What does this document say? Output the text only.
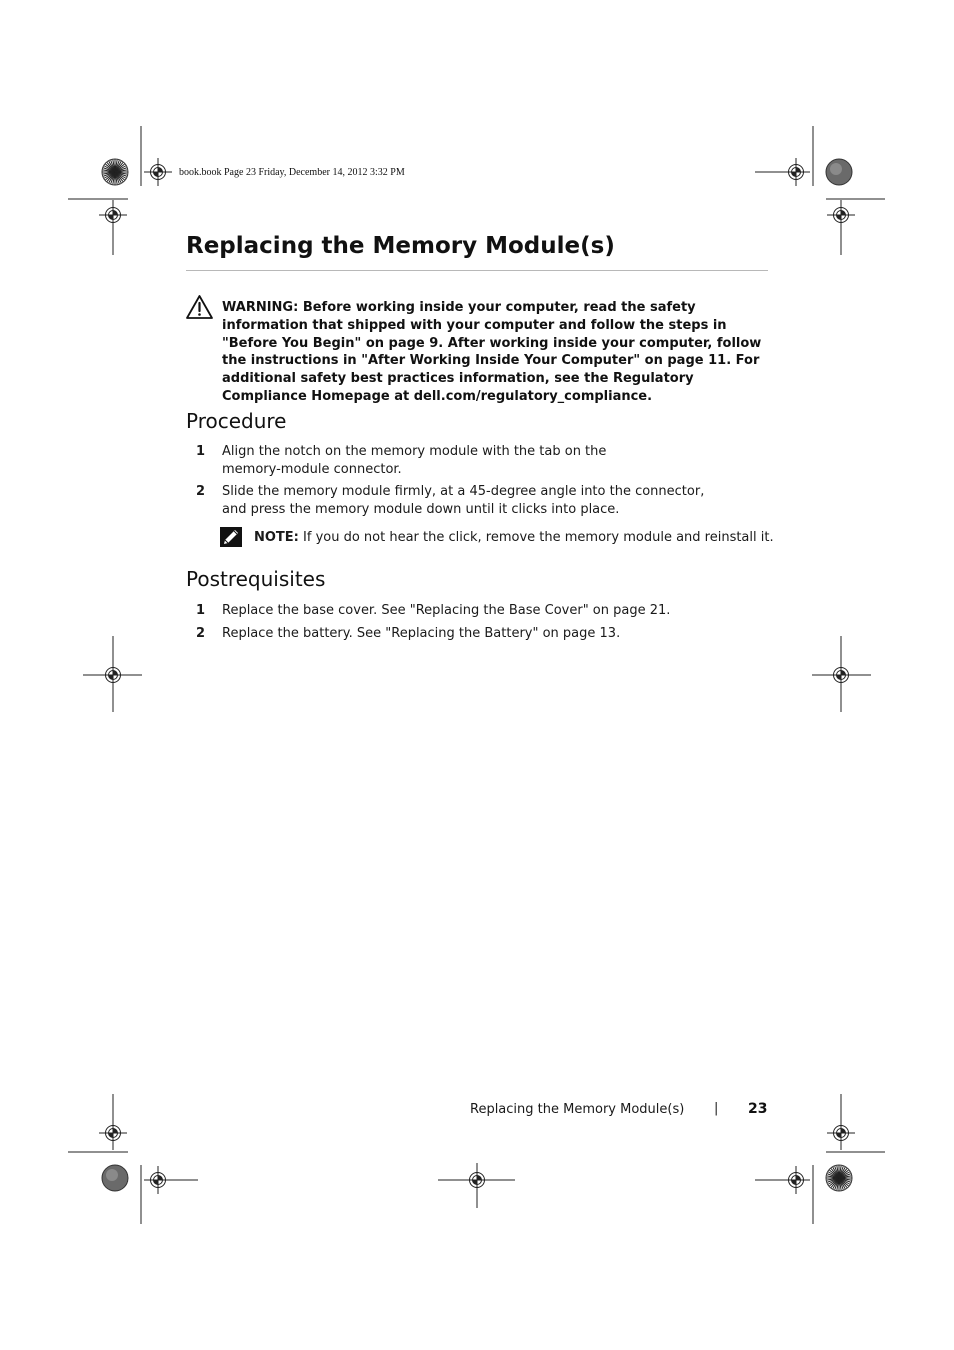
book.book Page 23 Friday, December 14, 2012 3:32 PM
Replacing the Memory Module(s)

WARNING: Before working inside your computer, read the safety information that shipped with your computer and follow the steps in "Before You Begin" on page 9. After working inside your computer, follow the instructions in "After Working Inside Your Computer" on page 11. For additional safety best practices information, see the Regulatory Compliance Homepage at dell.com/regulatory_compliance.

Procedure
1 Align the notch on the memory module with the tab on the memory-module connector.
2 Slide the memory module firmly, at a 45-degree angle into the connector, and press the memory module down until it clicks into place.
NOTE: If you do not hear the click, remove the memory module and reinstall it.
Postrequisites
1 Replace the base cover. See "Replacing the Base Cover" on page 21.
2 Replace the battery. See "Replacing the Battery" on page 13.
Replacing the Memory Module(s) | 23
